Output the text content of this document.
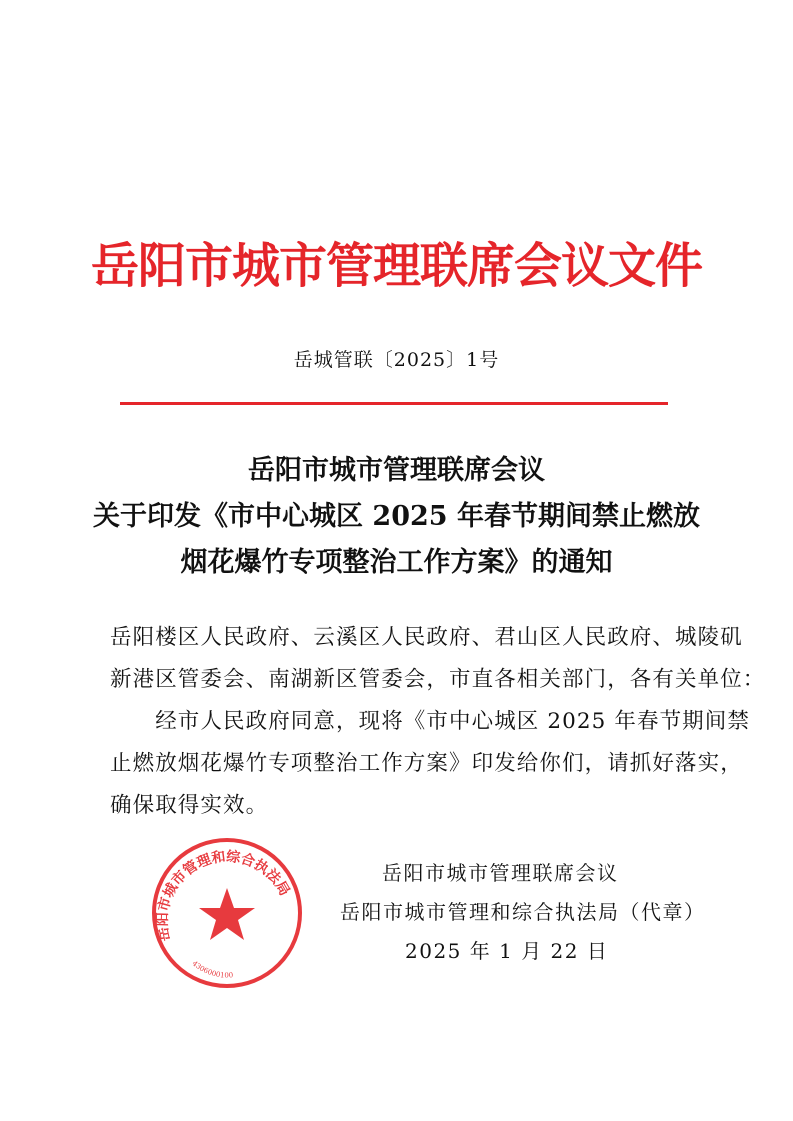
岳阳市城市管理联席会议文件
岳城管联〔2025〕1号
岳阳市城市管理联席会议
关于印发《市中心城区 2025 年春节期间禁止燃放
烟花爆竹专项整治工作方案》的通知
岳阳楼区人民政府、云溪区人民政府、君山区人民政府、城陵矶
新港区管委会、南湖新区管委会，市直各相关部门，各有关单位：
　　经市人民政府同意，现将《市中心城区 2025 年春节期间禁
止燃放烟花爆竹专项整治工作方案》印发给你们，请抓好落实，
确保取得实效。
岳阳市城市管理和综合执法局
4306000100
岳阳市城市管理联席会议
岳阳市城市管理和综合执法局（代章）
2025 年 1 月 22 日
